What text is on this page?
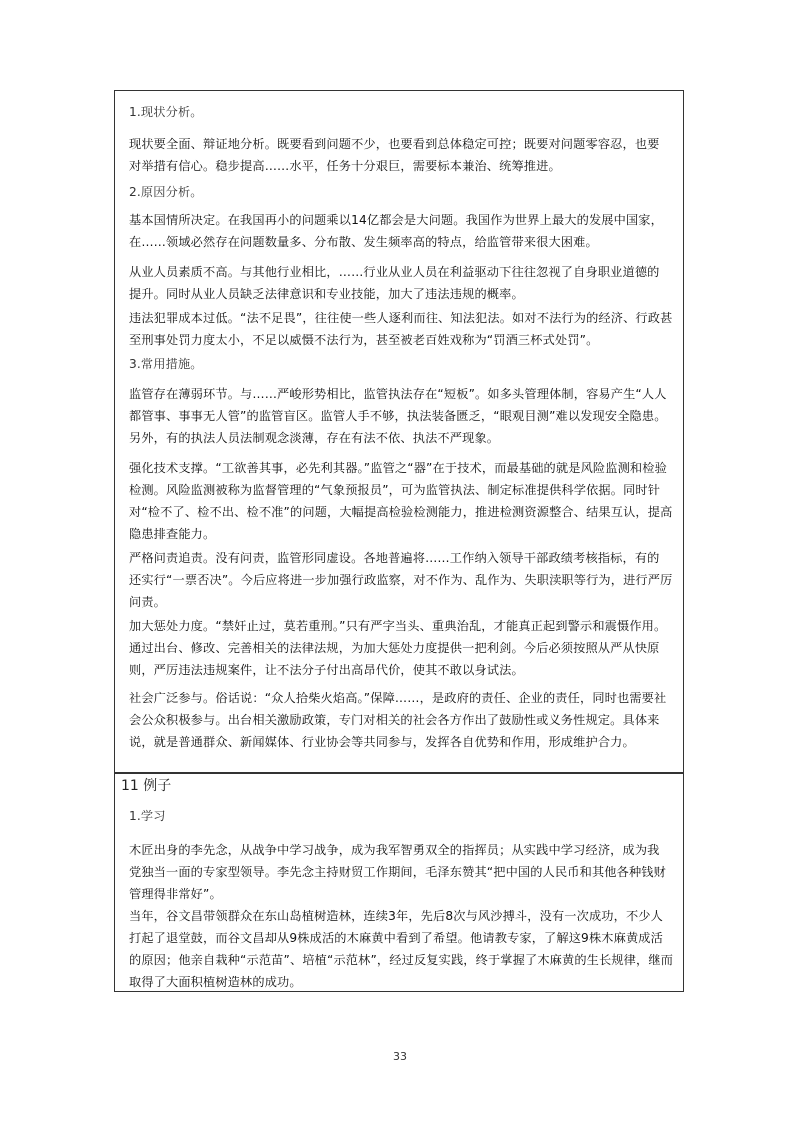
1.现状分析。
现状要全面、辩证地分析。既要看到问题不少，也要看到总体稳定可控；既要对问题零容忍，也要
对举措有信心。稳步提高……水平，任务十分艰巨，需要标本兼治、统筹推进。
2.原因分析。
基本国情所决定。在我国再小的问题乘以14亿都会是大问题。我国作为世界上最大的发展中国家，
在……领域必然存在问题数量多、分布散、发生频率高的特点，给监管带来很大困难。
从业人员素质不高。与其他行业相比，……行业从业人员在利益驱动下往往忽视了自身职业道德的
提升。同时从业人员缺乏法律意识和专业技能，加大了违法违规的概率。
违法犯罪成本过低。“法不足畏”，往往使一些人逐利而往、知法犯法。如对不法行为的经济、行政甚
至刑事处罚力度太小，不足以威慑不法行为，甚至被老百姓戏称为“罚酒三杯式处罚”。
3.常用措施。
监管存在薄弱环节。与……严峻形势相比，监管执法存在“短板”。如多头管理体制，容易产生“人人
都管事、事事无人管”的监管盲区。监管人手不够，执法装备匮乏，“眼观目测”难以发现安全隐患。
另外，有的执法人员法制观念淡薄，存在有法不依、执法不严现象。
强化技术支撑。“工欲善其事，必先利其器。”监管之“器”在于技术，而最基础的就是风险监测和检验
检测。风险监测被称为监督管理的“气象预报员”，可为监管执法、制定标准提供科学依据。同时针
对“检不了、检不出、检不准”的问题，大幅提高检验检测能力，推进检测资源整合、结果互认，提高
隐患排查能力。
严格问责追责。没有问责，监管形同虚设。各地普遍将……工作纳入领导干部政绩考核指标，有的
还实行“一票否决”。今后应将进一步加强行政监察，对不作为、乱作为、失职渎职等行为，进行严厉
问责。
加大惩处力度。“禁奸止过，莫若重刑。”只有严字当头、重典治乱，才能真正起到警示和震慑作用。
通过出台、修改、完善相关的法律法规，为加大惩处力度提供一把利剑。今后必须按照从严从快原
则，严厉违法违规案件，让不法分子付出高昂代价，使其不敢以身试法。
社会广泛参与。俗话说：“众人拾柴火焰高。”保障……，是政府的责任、企业的责任，同时也需要社
会公众积极参与。出台相关激励政策，专门对相关的社会各方作出了鼓励性或义务性规定。具体来
说，就是普通群众、新闻媒体、行业协会等共同参与，发挥各自优势和作用，形成维护合力。
11 例子
1.学习
木匠出身的李先念，从战争中学习战争，成为我军智勇双全的指挥员；从实践中学习经济，成为我
党独当一面的专家型领导。李先念主持财贸工作期间，毛泽东赞其“把中国的人民币和其他各种钱财
管理得非常好”。
当年，谷文昌带领群众在东山岛植树造林，连续3年，先后8次与风沙搏斗，没有一次成功，不少人
打起了退堂鼓，而谷文昌却从9株成活的木麻黄中看到了希望。他请教专家，了解这9株木麻黄成活
的原因；他亲自栽种“示范苗”、培植“示范林”，经过反复实践，终于掌握了木麻黄的生长规律，继而
取得了大面积植树造林的成功。
33
